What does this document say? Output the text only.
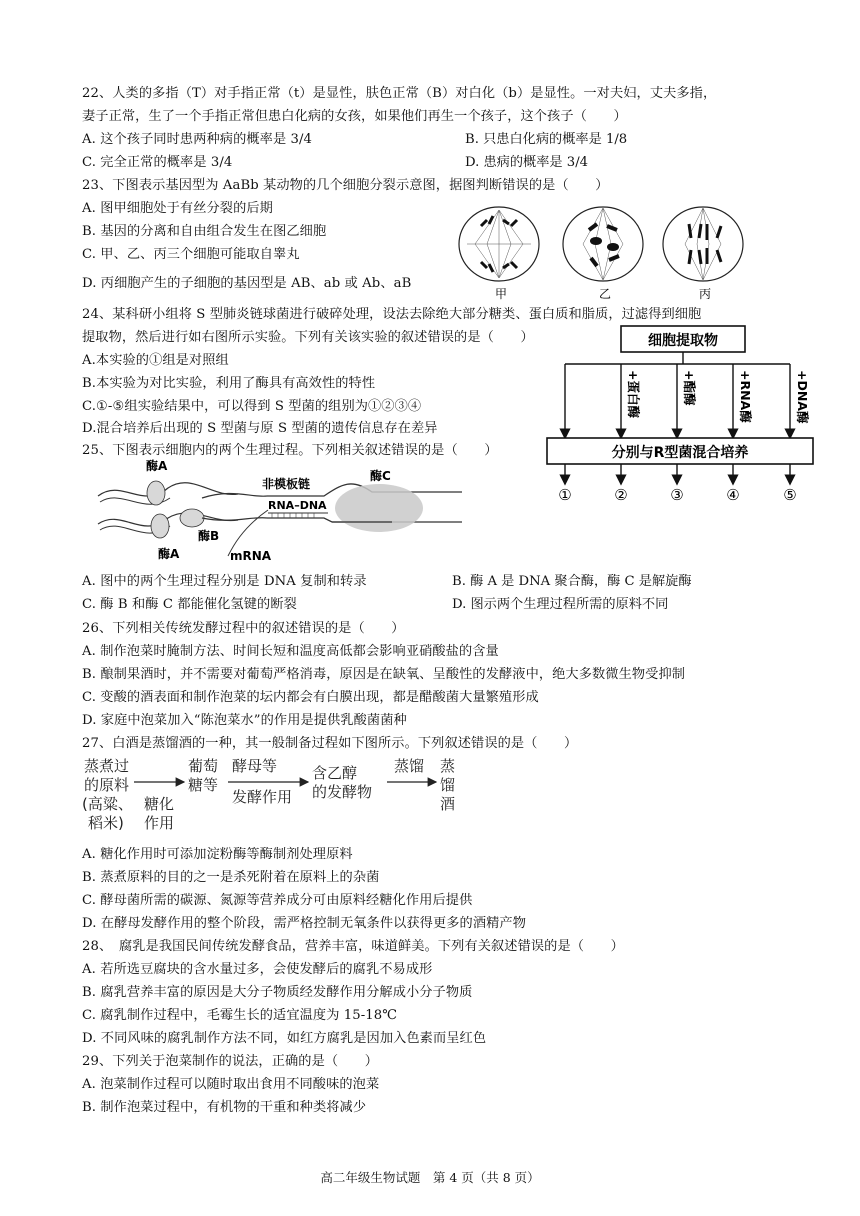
22、人类的多指（T）对手指正常（t）是显性，肤色正常（B）对白化（b）是显性。一对夫妇，丈夫多指，
妻子正常，生了一个手指正常但患白化病的女孩，如果他们再生一个孩子，这个孩子（　　）
A. 这个孩子同时患两种病的概率是 3/4	B. 只患白化病的概率是 1/8
C. 完全正常的概率是 3/4	D. 患病的概率是 3/4
23、下图表示基因型为 AaBb 某动物的几个细胞分裂示意图，据图判断错误的是（　　）
A. 图甲细胞处于有丝分裂的后期
B. 基因的分离和自由组合发生在图乙细胞
C. 甲、乙、丙三个细胞可能取自睾丸
D. 丙细胞产生的子细胞的基因型是 AB、ab 或 Ab、aB
甲	乙	丙
24、某科研小组将 S 型肺炎链球菌进行破碎处理，设法去除绝大部分糖类、蛋白质和脂质，过滤得到细胞
提取物，然后进行如右图所示实验。下列有关该实验的叙述错误的是（　　）
A.本实验的①组是对照组
B.本实验为对比实验，利用了酶具有高效性的特性
C.①-⑤组实验结果中，可以得到 S 型菌的组别为①②③④
D.混合培养后出现的 S 型菌与原 S 型菌的遗传信息存在差异
细胞提取物
+蛋白酶	+酯酶	+RNA酶	+DNA酶
分别与R型菌混合培养
①	②	③	④	⑤
25、下图表示细胞内的两个生理过程。下列相关叙述错误的是（　　）
酶A
非模板链
酶C
RNA–DNA
酶B
酶A	mRNA
A. 图中的两个生理过程分别是 DNA 复制和转录	B. 酶 A 是 DNA 聚合酶，酶 C 是解旋酶
C. 酶 B 和酶 C 都能催化氢键的断裂	D. 图示两个生理过程所需的原料不同
26、下列相关传统发酵过程中的叙述错误的是（　　）
A. 制作泡菜时腌制方法、时间长短和温度高低都会影响亚硝酸盐的含量
B. 酿制果酒时，并不需要对葡萄严格消毒，原因是在缺氧、呈酸性的发酵液中，绝大多数微生物受抑制
C. 变酸的酒表面和制作泡菜的坛内都会有白膜出现，都是醋酸菌大量繁殖形成
D. 家庭中泡菜加入“陈泡菜水”的作用是提供乳酸菌菌种
27、白酒是蒸馏酒的一种，其一般制备过程如下图所示。下列叙述错误的是（　　）
蒸煮过
的原料
(高粱、
稻米)
糖化
作用
葡萄
糖等
酵母等
发酵作用
含乙醇
的发酵物
蒸馏 蒸
馏
酒
A. 糖化作用时可添加淀粉酶等酶制剂处理原料
B. 蒸煮原料的目的之一是杀死附着在原料上的杂菌
C. 酵母菌所需的碳源、氮源等营养成分可由原料经糖化作用后提供
D. 在酵母发酵作用的整个阶段，需严格控制无氧条件以获得更多的酒精产物
28、　腐乳是我国民间传统发酵食品，营养丰富，味道鲜美。下列有关叙述错误的是（　　）
A. 若所选豆腐块的含水量过多，会使发酵后的腐乳不易成形
B. 腐乳营养丰富的原因是大分子物质经发酵作用分解成小分子物质
C. 腐乳制作过程中，毛霉生长的适宜温度为 15-18℃
D. 不同风味的腐乳制作方法不同，如红方腐乳是因加入色素而呈红色
29、下列关于泡菜制作的说法，正确的是（　　）
A. 泡菜制作过程可以随时取出食用不同酸味的泡菜
B. 制作泡菜过程中，有机物的干重和种类将减少
高二年级生物试题　第 4 页（共 8 页）
